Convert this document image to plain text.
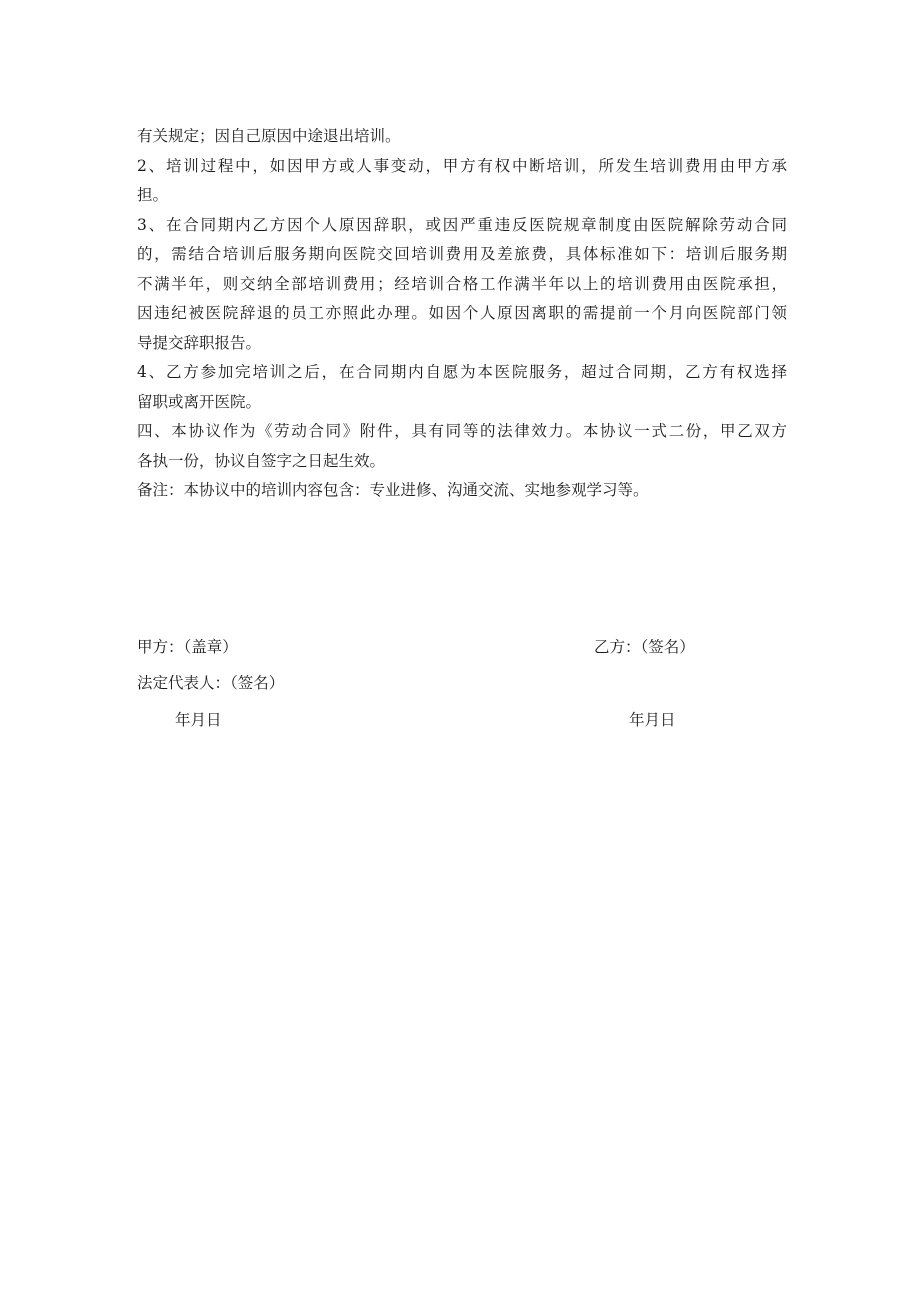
有关规定；因自己原因中途退出培训。
2、培训过程中，如因甲方或人事变动，甲方有权中断培训，所发生培训费用由甲方承
担。
3、在合同期内乙方因个人原因辞职，或因严重违反医院规章制度由医院解除劳动合同
的，需结合培训后服务期向医院交回培训费用及差旅费，具体标准如下：培训后服务期
不满半年，则交纳全部培训费用；经培训合格工作满半年以上的培训费用由医院承担，
因违纪被医院辞退的员工亦照此办理。如因个人原因离职的需提前一个月向医院部门领
导提交辞职报告。
4、乙方参加完培训之后，在合同期内自愿为本医院服务，超过合同期，乙方有权选择
留职或离开医院。
四、本协议作为《劳动合同》附件，具有同等的法律效力。本协议一式二份，甲乙双方
各执一份，协议自签字之日起生效。
备注：本协议中的培训内容包含：专业进修、沟通交流、实地参观学习等。
甲方：（盖章）	乙方：（签名）
法定代表人：（签名）
年月日	年月日
